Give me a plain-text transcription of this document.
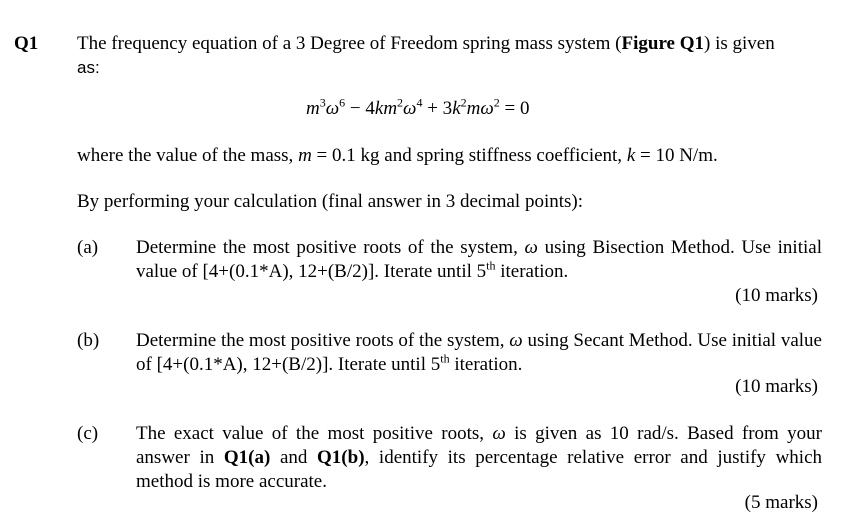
Q1 The frequency equation of a 3 Degree of Freedom spring mass system (Figure Q1) is given
as:
$m^3\omega^6 - 4km^2\omega^4 + 3k^2m\omega^2 = 0$
where the value of the mass, m = 0.1 kg and spring stiffness coefficient, k = 10 N/m.
By performing your calculation (final answer in 3 decimal points):
(a) Determine the most positive roots of the system, ω using Bisection Method. Use initial value of [4+(0.1*A), 12+(B/2)]. Iterate until 5th iteration.
(10 marks)
(b) Determine the most positive roots of the system, ω using Secant Method. Use initial value of [4+(0.1*A), 12+(B/2)]. Iterate until 5th iteration.
(10 marks)
(c) The exact value of the most positive roots, ω is given as 10 rad/s. Based from your answer in Q1(a) and Q1(b), identify its percentage relative error and justify which method is more accurate.
(5 marks)
